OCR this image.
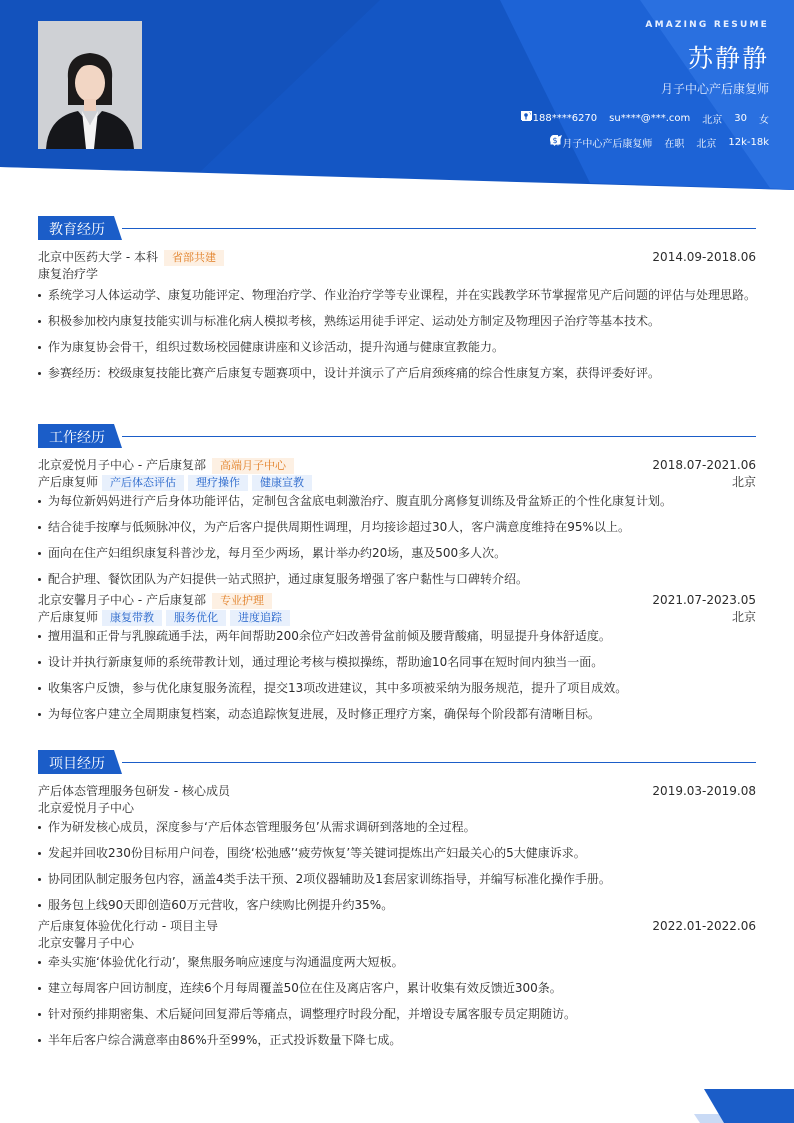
AMAZING RESUME
苏静静
月子中心产后康复师
188****6270 su****@***.com 北京 30 女
月子中心产后康复师 在职 北京
$	12k-18k
教育经历
北京中医药大学 - 本科 省部共建	2014.09-2018.06
康复治疗学
系统学习人体运动学、康复功能评定、物理治疗学、作业治疗学等专业课程，并在实践教学环节掌握常见产后问题的评估与处理思路。
积极参加校内康复技能实训与标准化病人模拟考核，熟练运用徒手评定、运动处方制定及物理因子治疗等基本技术。
作为康复协会骨干，组织过数场校园健康讲座和义诊活动，提升沟通与健康宣教能力。
参赛经历：校级康复技能比赛产后康复专题赛项中，设计并演示了产后肩颈疼痛的综合性康复方案，获得评委好评。
工作经历
北京爱悦月子中心 - 产后康复部 高端月子中心	2018.07-2021.06
产后康复师 产后体态评估 理疗操作 健康宣教	北京
为每位新妈妈进行产后身体功能评估，定制包含盆底电刺激治疗、腹直肌分离修复训练及骨盆矫正的个性化康复计划。
结合徒手按摩与低频脉冲仪，为产后客户提供周期性调理，月均接诊超过30人，客户满意度维持在95%以上。
面向在住产妇组织康复科普沙龙，每月至少两场，累计举办约20场，惠及500多人次。
配合护理、餐饮团队为产妇提供一站式照护，通过康复服务增强了客户黏性与口碑转介绍。
北京安馨月子中心 - 产后康复部 专业护理	2021.07-2023.05
产后康复师 康复带教 服务优化 进度追踪	北京
擅用温和正骨与乳腺疏通手法，两年间帮助200余位产妇改善骨盆前倾及腰背酸痛，明显提升身体舒适度。
设计并执行新康复师的系统带教计划，通过理论考核与模拟操练，帮助逾10名同事在短时间内独当一面。
收集客户反馈，参与优化康复服务流程，提交13项改进建议，其中多项被采纳为服务规范，提升了项目成效。
为每位客户建立全周期康复档案，动态追踪恢复进展，及时修正理疗方案，确保每个阶段都有清晰目标。
项目经历
产后体态管理服务包研发 - 核心成员	2019.03-2019.08
北京爱悦月子中心
作为研发核心成员，深度参与‘产后体态管理服务包’从需求调研到落地的全过程。
发起并回收230份目标用户问卷，围绕‘松弛感’‘疲劳恢复’等关键词提炼出产妇最关心的5大健康诉求。
协同团队制定服务包内容，涵盖4类手法干预、2项仪器辅助及1套居家训练指导，并编写标准化操作手册。
服务包上线90天即创造60万元营收，客户续购比例提升约35%。
产后康复体验优化行动 - 项目主导	2022.01-2022.06
北京安馨月子中心
牵头实施‘体验优化行动’，聚焦服务响应速度与沟通温度两大短板。
建立每周客户回访制度，连续6个月每周覆盖50位在住及离店客户，累计收集有效反馈近300条。
针对预约排期密集、术后疑问回复滞后等痛点，调整理疗时段分配，并增设专属客服专员定期随访。
半年后客户综合满意率由86%升至99%，正式投诉数量下降七成。
